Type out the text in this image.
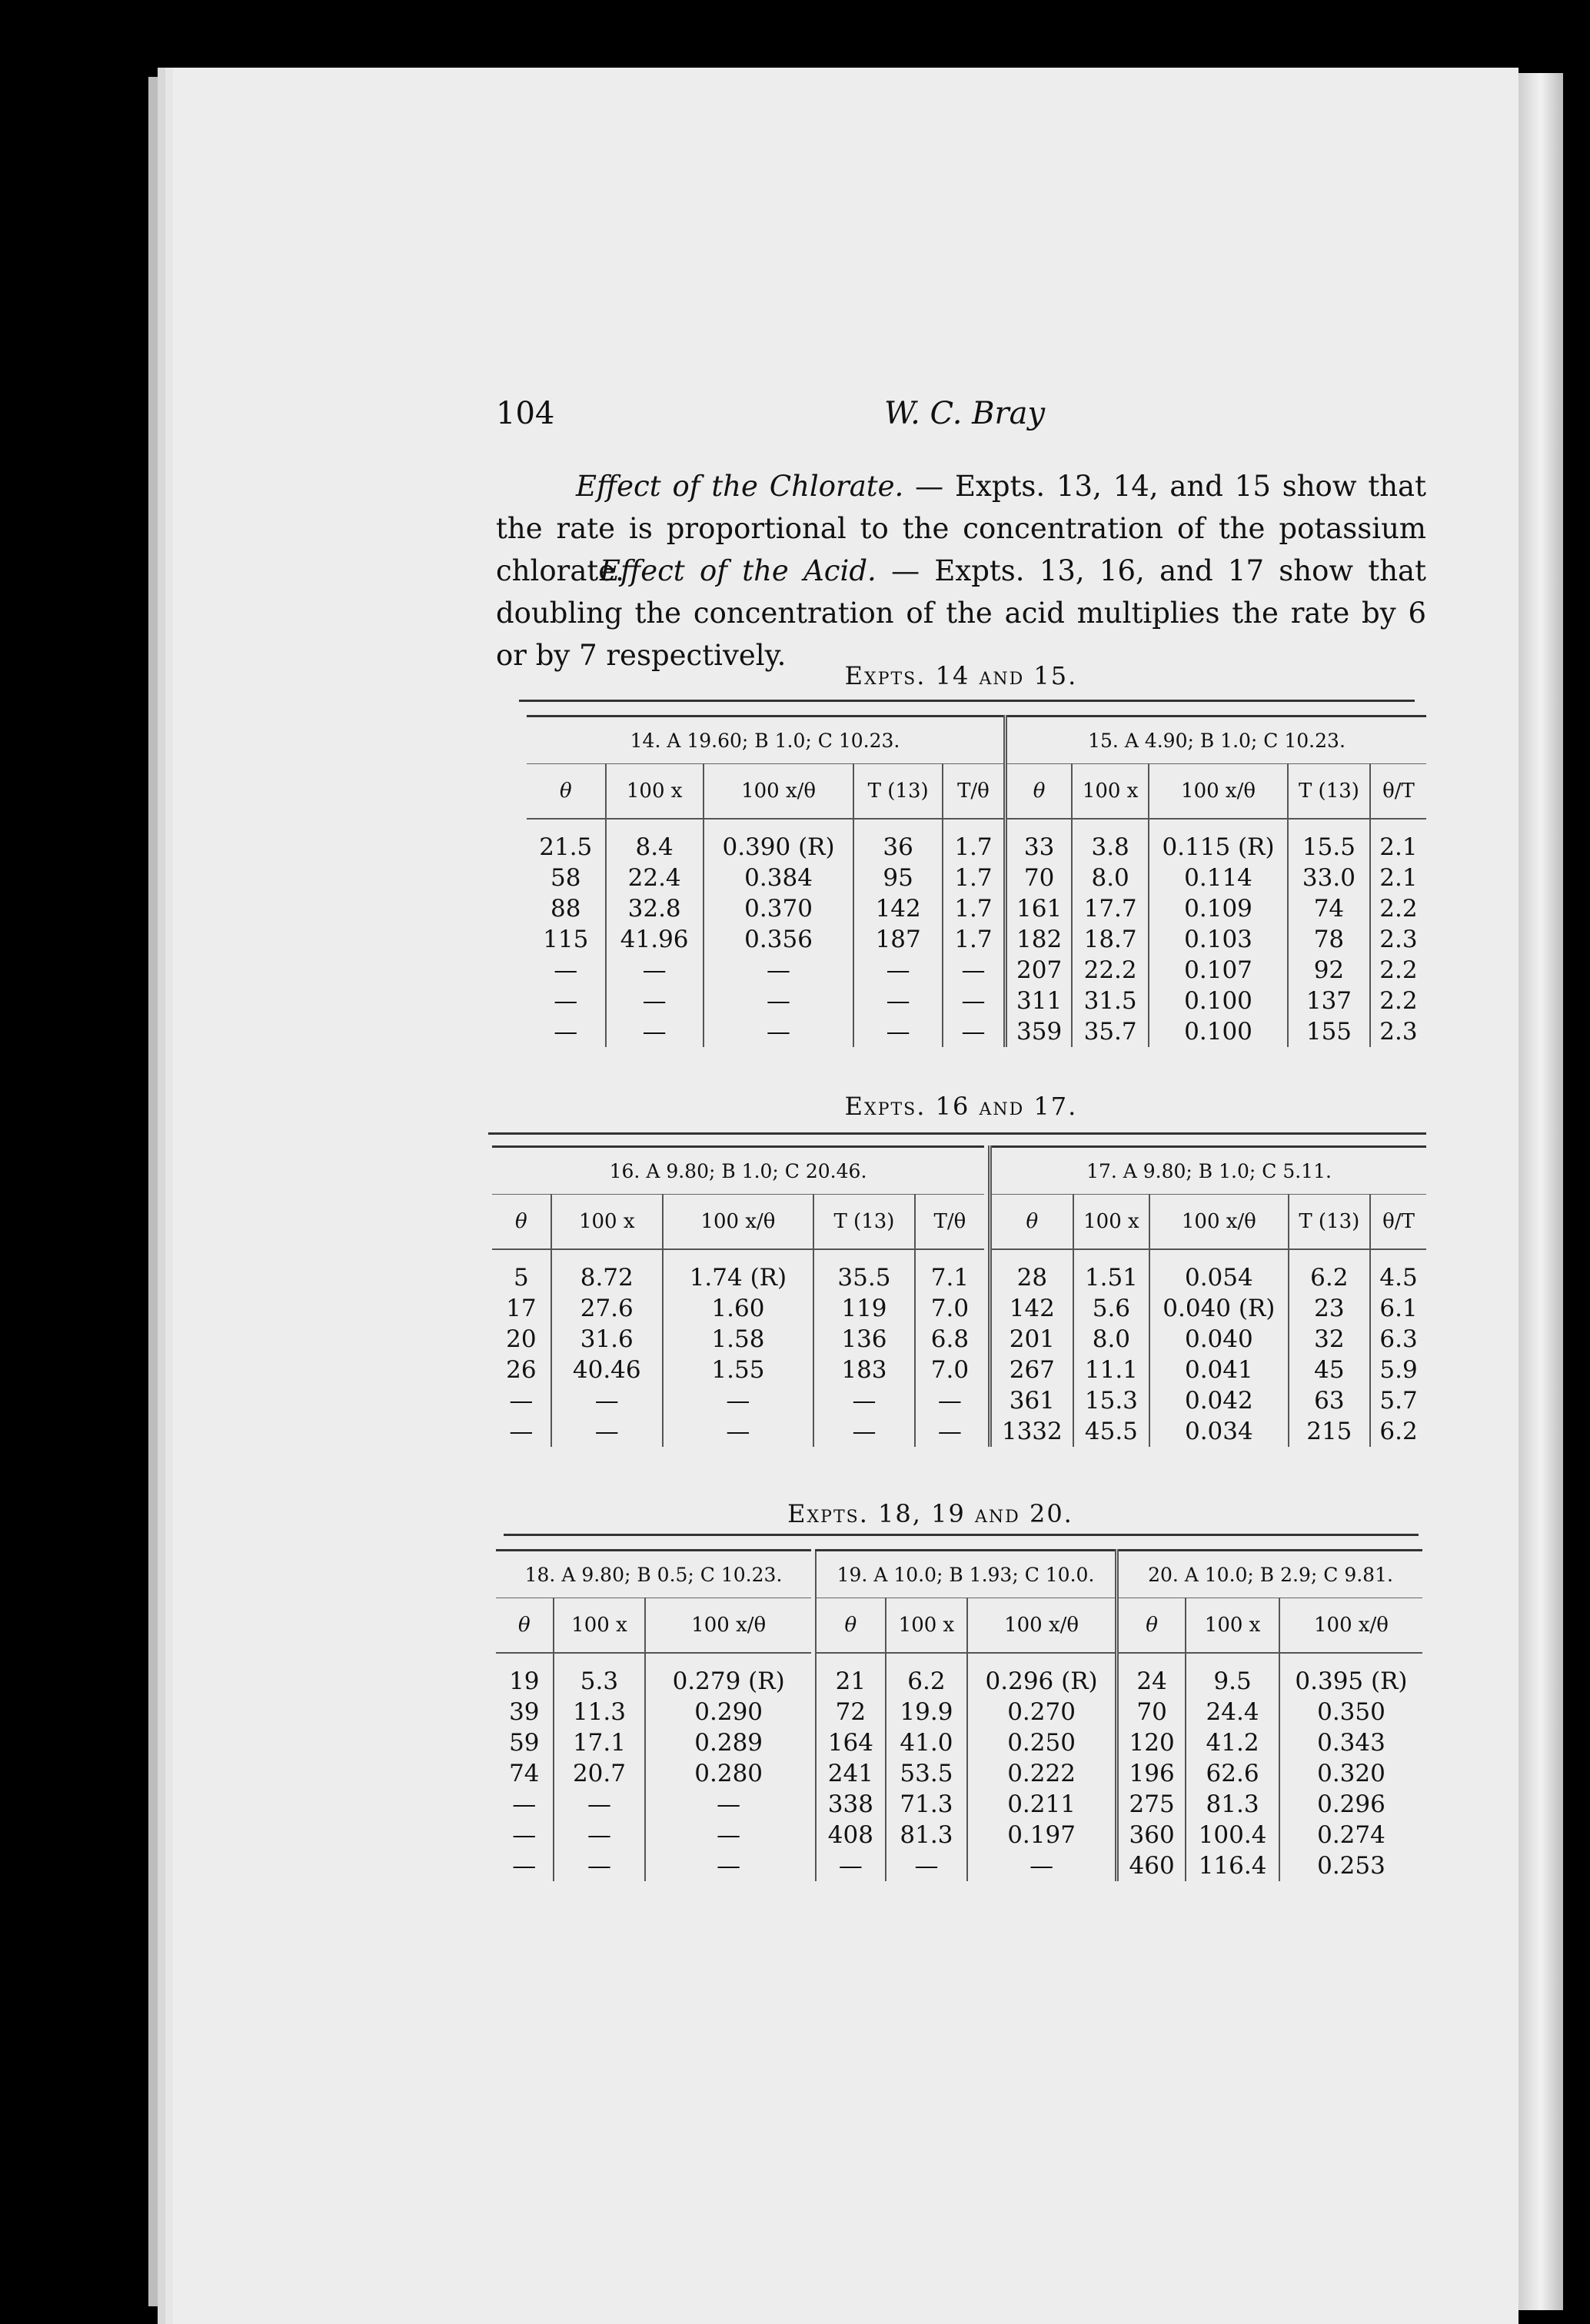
104	W. C. Bray
Effect of the Chlorate. — Expts. 13, 14, and 15 show that the rate is proportional to the concentration of the potassium chlorate.
Effect of the Acid. — Expts. 13, 16, and 17 show that doubling the concentration of the acid multiplies the rate by 6 or by 7 respectively.
Expts. 14 and 15.
14. A 19.60; B 1.0; C 10.23.				
θ	100 x	100 x/θ	T (13)	T/θ
21.5	8.4	0.390 (R)	36	1.7
58	22.4	0.384	95	1.7
88	32.8	0.370	142	1.7
115	41.96	0.356	187	1.7
—	—	—	—	—
—	—	—	—	—
—	—	—	—	—
15. A 4.90; B 1.0; C 10.23.				
θ	100 x	100 x/θ	T (13)	θ/T
33	3.8	0.115 (R)	15.5	2.1
70	8.0	0.114	33.0	2.1
161	17.7	0.109	74	2.2
182	18.7	0.103	78	2.3
207	22.2	0.107	92	2.2
311	31.5	0.100	137	2.2
359	35.7	0.100	155	2.3
Expts. 16 and 17.
16. A 9.80; B 1.0; C 20.46.				
θ	100 x	100 x/θ	T (13)	T/θ
5	8.72	1.74 (R)	35.5	7.1
17	27.6	1.60	119	7.0
20	31.6	1.58	136	6.8
26	40.46	1.55	183	7.0
—	—	—	—	—
—	—	—	—	—
17. A 9.80; B 1.0; C 5.11.				
θ	100 x	100 x/θ	T (13)	θ/T
28	1.51	0.054	6.2	4.5
142	5.6	0.040 (R)	23	6.1
201	8.0	0.040	32	6.3
267	11.1	0.041	45	5.9
361	15.3	0.042	63	5.7
1332	45.5	0.034	215	6.2
Expts. 18, 19 and 20.
18. A 9.80; B 0.5; C 10.23.		
θ	100 x	100 x/θ
19	5.3	0.279 (R)
39	11.3	0.290
59	17.1	0.289
74	20.7	0.280
—	—	—
—	—	—
—	—	—
19. A 10.0; B 1.93; C 10.0.		
θ	100 x	100 x/θ
21	6.2	0.296 (R)
72	19.9	0.270
164	41.0	0.250
241	53.5	0.222
338	71.3	0.211
408	81.3	0.197
—	—	—
20. A 10.0; B 2.9; C 9.81.		
θ	100 x	100 x/θ
24	9.5	0.395 (R)
70	24.4	0.350
120	41.2	0.343
196	62.6	0.320
275	81.3	0.296
360	100.4	0.274
460	116.4	0.253
